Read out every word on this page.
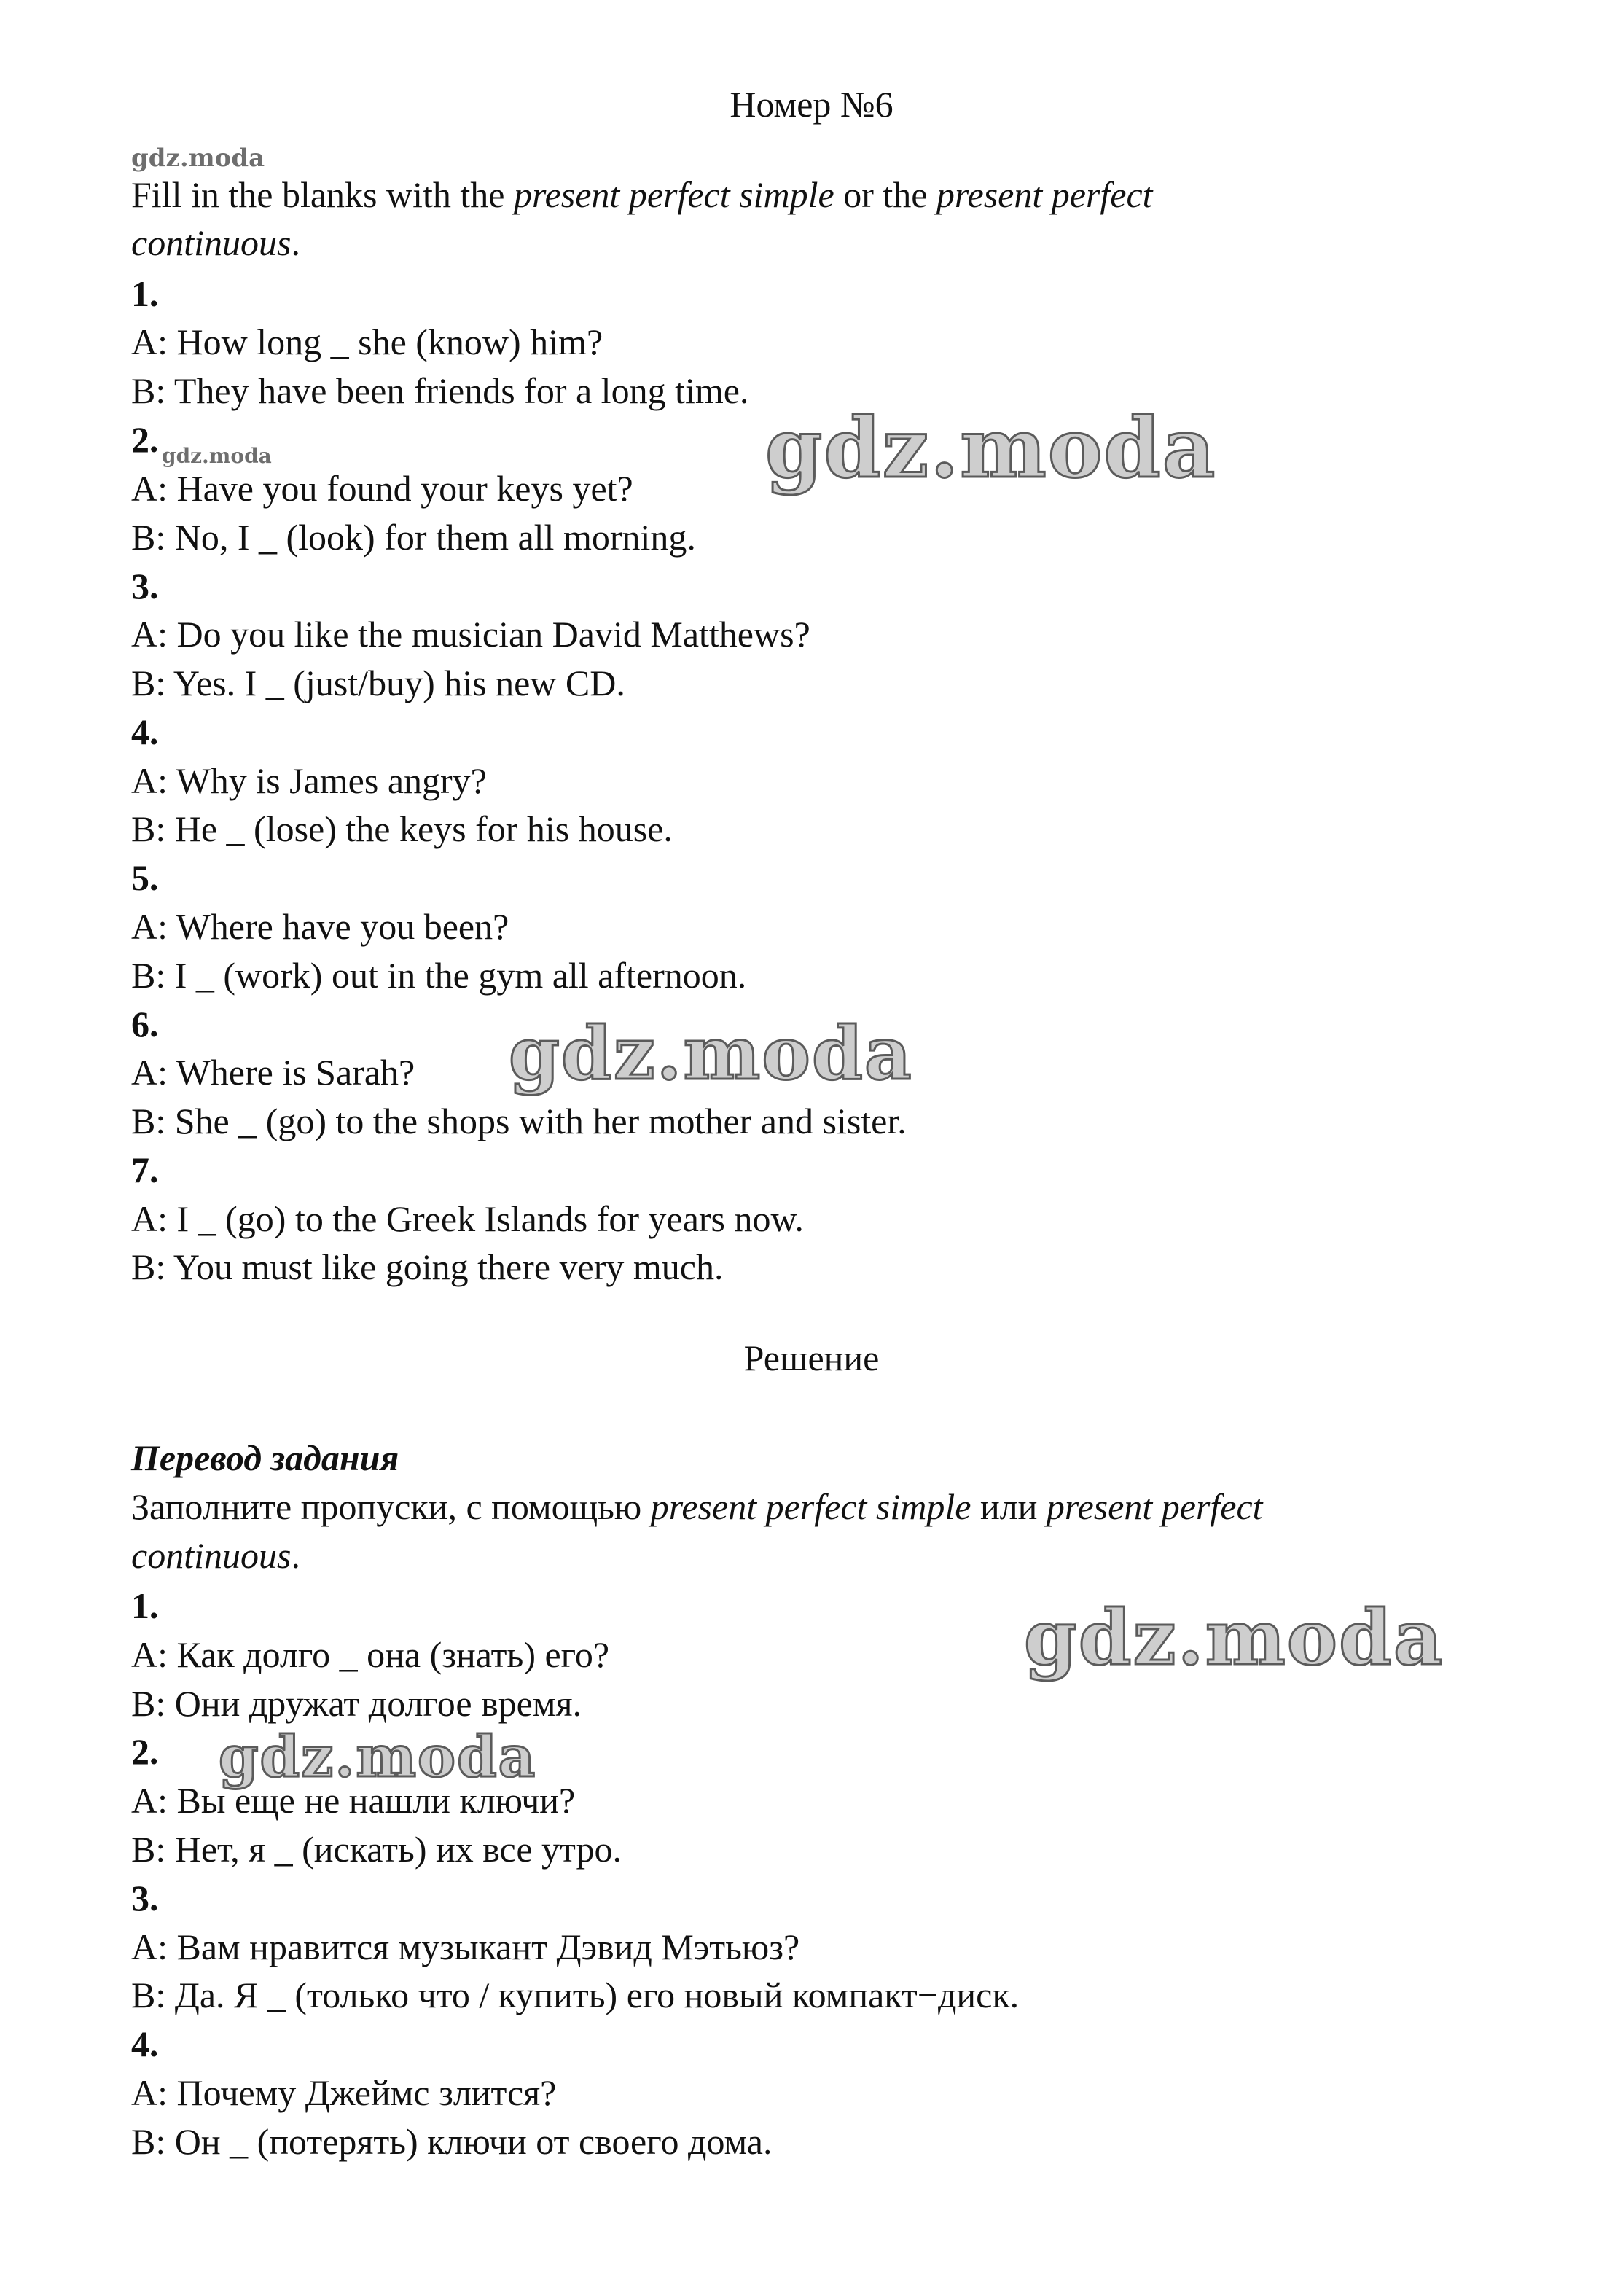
Номер №6
Fill in the blanks with the present perfect simple or the present perfect
continuous.
1.
A: How long _ she (know) him?
B: They have been friends for a long time.
2.
A: Have you found your keys yet?
B: No, I _ (look) for them all morning.
3.
A: Do you like the musician David Matthews?
B: Yes. I _ (just/buy) his new CD.
4.
A: Why is James angry?
B: He _ (lose) the keys for his house.
5.
A: Where have you been?
B: I _ (work) out in the gym all afternoon.
6.
A: Where is Sarah?
B: She _ (go) to the shops with her mother and sister.
7.
A: I _ (go) to the Greek Islands for years now.
B: You must like going there very much.
Решение
Перевод задания
Заполните пропуски, с помощью present perfect simple или present perfect
continuous.
1.
A: Как долго _ она (знать) его?
B: Они дружат долгое время.
2.
A: Вы еще не нашли ключи?
B: Нет, я _ (искать) их все утро.
3.
A: Вам нравится музыкант Дэвид Мэтьюз?
B: Да. Я _ (только что / купить) его новый компакт−диск.
4.
A: Почему Джеймс злится?
B: Он _ (потерять) ключи от своего дома.
gdz.moda
gdz.moda	gdz.moda
gdz.moda
gdz.moda
gdz.moda
